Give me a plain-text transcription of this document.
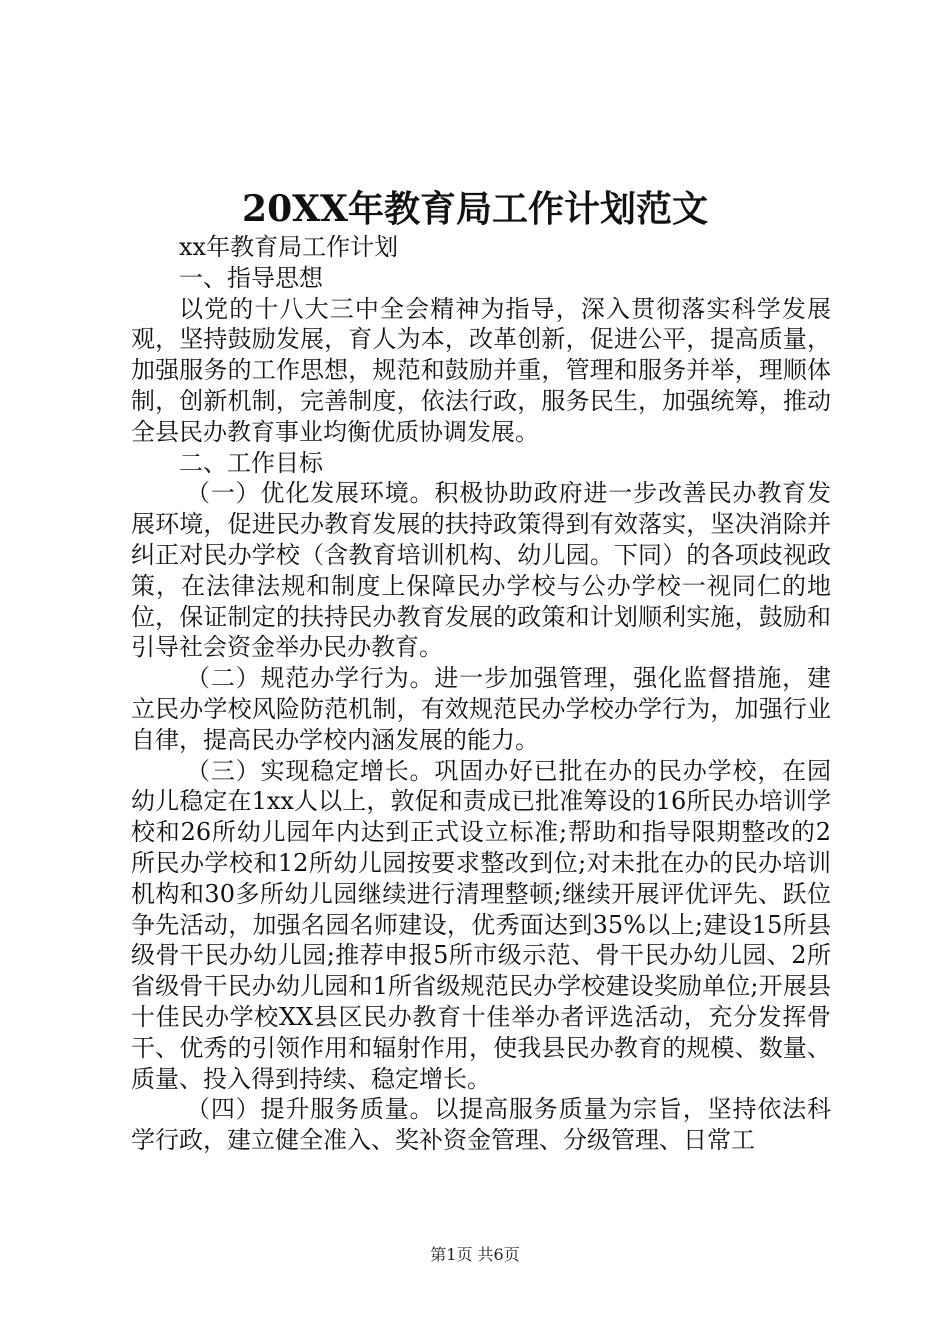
20XX年教育局工作计划范文

xx年教育局工作计划

一、指导思想

以党的十八大三中全会精神为指导，深入贯彻落实科学发展观，坚持鼓励发展，育人为本，改革创新，促进公平，提高质量，加强服务的工作思想，规范和鼓励并重，管理和服务并举，理顺体制，创新机制，完善制度，依法行政，服务民生，加强统筹，推动全县民办教育事业均衡优质协调发展。

二、工作目标

（一）优化发展环境。积极协助政府进一步改善民办教育发展环境，促进民办教育发展的扶持政策得到有效落实，坚决消除并纠正对民办学校（含教育培训机构、幼儿园。下同）的各项歧视政策，在法律法规和制度上保障民办学校与公办学校一视同仁的地位，保证制定的扶持民办教育发展的政策和计划顺利实施，鼓励和引导社会资金举办民办教育。

（二）规范办学行为。进一步加强管理，强化监督措施，建立民办学校风险防范机制，有效规范民办学校办学行为，加强行业自律，提高民办学校内涵发展的能力。

（三）实现稳定增长。巩固办好已批在办的民办学校，在园幼儿稳定在1xx人以上，敦促和责成已批准筹设的16所民办培训学校和26所幼儿园年内达到正式设立标准;帮助和指导限期整改的2所民办学校和12所幼儿园按要求整改到位;对未批在办的民办培训机构和30多所幼儿园继续进行清理整顿;继续开展评优评先、跃位争先活动，加强名园名师建设，优秀面达到35%以上;建设15所县级骨干民办幼儿园;推荐申报5所市级示范、骨干民办幼儿园、2所省级骨干民办幼儿园和1所省级规范民办学校建设奖励单位;开展县十佳民办学校XX县区民办教育十佳举办者评选活动，充分发挥骨干、优秀的引领作用和辐射作用，使我县民办教育的规模、数量、质量、投入得到持续、稳定增长。

（四）提升服务质量。以提高服务质量为宗旨，坚持依法科学行政，建立健全准入、奖补资金管理、分级管理、日常工

第1页 共6页
